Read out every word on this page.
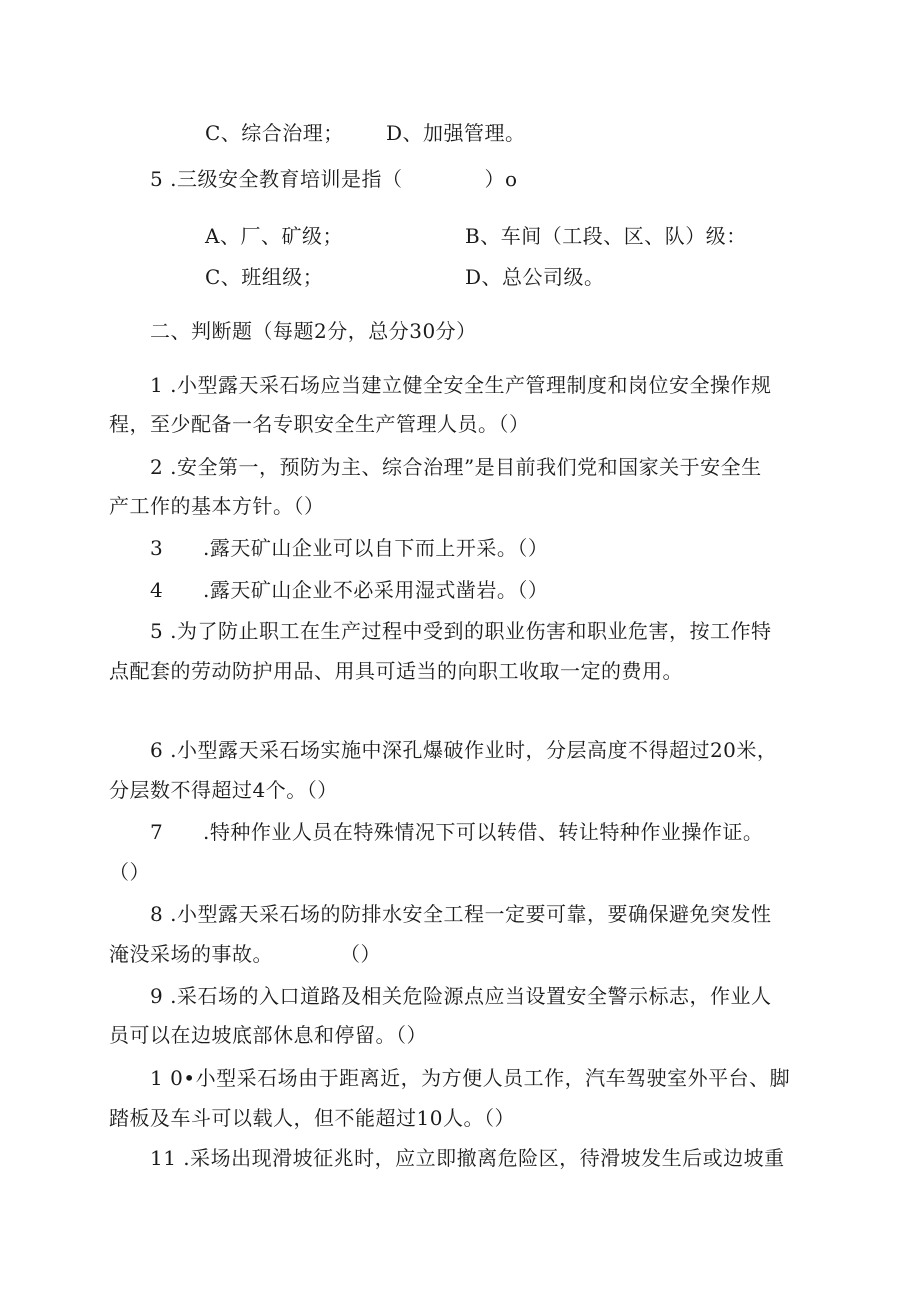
C、综合治理； D、加强管理。
5 .三级安全教育培训是指（　　　　）o
A、厂、矿级；	B、车间（工段、区、队）级：
C、班组级；	D、总公司级。
二、判断题（每题2分，总分30分）
1 .小型露天采石场应当建立健全安全生产管理制度和岗位安全操作规
程，至少配备一名专职安全生产管理人员。（）
2 .安全第一，预防为主、综合治理”是目前我们党和国家关于安全生
产工作的基本方针。（）
3 .露天矿山企业可以自下而上开采。（）
4 .露天矿山企业不必采用湿式凿岩。（）
5 .为了防止职工在生产过程中受到的职业伤害和职业危害，按工作特
点配套的劳动防护用品、用具可适当的向职工收取一定的费用。
6 .小型露天采石场实施中深孔爆破作业时，分层高度不得超过20米，
分层数不得超过4个。（）
7 .特种作业人员在特殊情况下可以转借、转让特种作业操作证。
（）
8 .小型露天采石场的防排水安全工程一定要可靠，要确保避免突发性
淹没采场的事故。	（）
9 .采石场的入口道路及相关危险源点应当设置安全警示标志，作业人
员可以在边坡底部休息和停留。（）
1 0•小型采石场由于距离近，为方便人员工作，汽车驾驶室外平台、脚
踏板及车斗可以载人，但不能超过10人。（）
11 .采场出现滑坡征兆时，应立即撤离危险区，待滑坡发生后或边坡重
